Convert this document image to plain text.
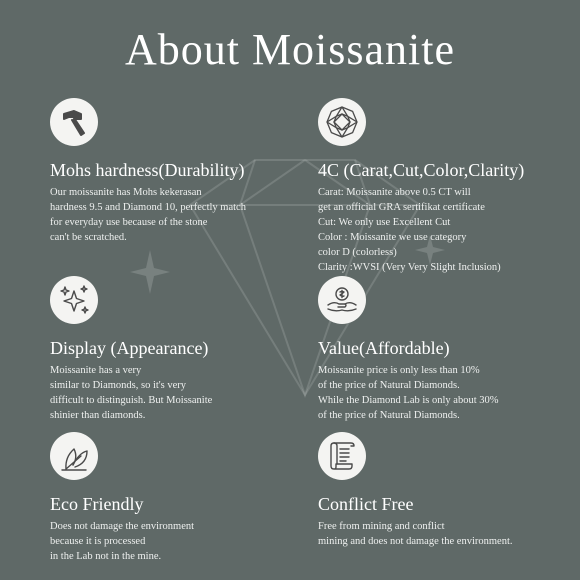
About Moissanite
Mohs hardness(Durability)
Our moissanite has Mohs kekerasan
hardness 9.5 and Diamond 10, perfectly match
for everyday use because of the stone
can't be scratched.
4C (Carat,Cut,Color,Clarity)
Carat: Moissanite above 0.5 CT will
get an official GRA sertifikat certificate
Cut: We only use Excellent Cut
Color : Moissanite we use category
color D (colorless)
Clarity :WVSI (Very Very Slight Inclusion)
Display (Appearance)
Moissanite has a very
similar to Diamonds, so it's very
difficult to distinguish. But Moissanite
shinier than diamonds.
Value(Affordable)
Moissanite price is only less than 10%
of the price of Natural Diamonds.
While the Diamond Lab is only about 30%
of the price of Natural Diamonds.
Eco Friendly
Does not damage the environment
because it is processed
in the Lab not in the mine.
Conflict Free
Free from mining and conflict
mining and does not damage the environment.
